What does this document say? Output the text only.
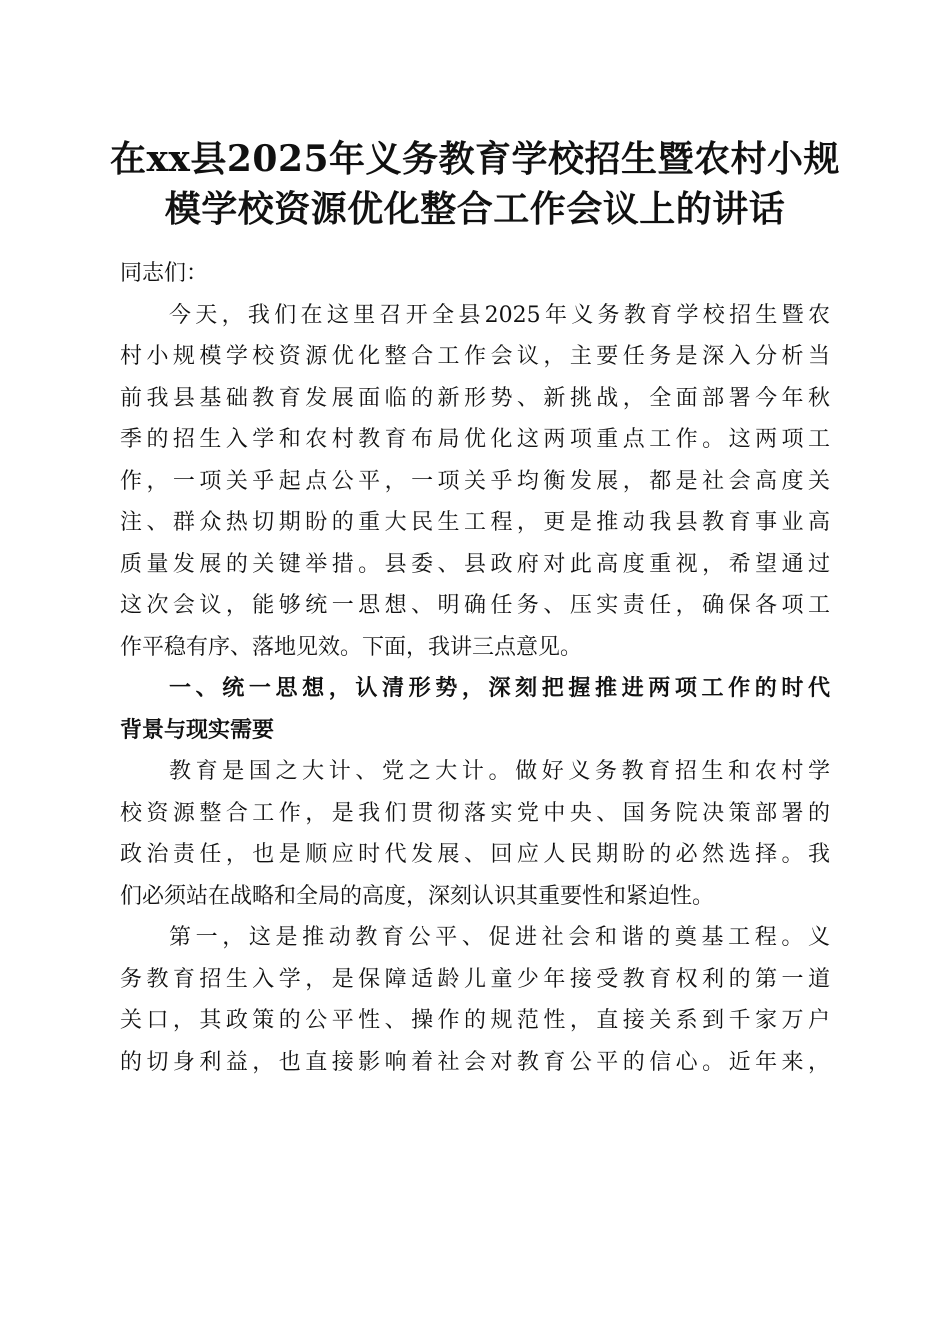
在xx县2025年义务教育学校招生暨农村小规
模学校资源优化整合工作会议上的讲话
同志们：
今天，我们在这里召开全县2025年义务教育学校招生暨农
村小规模学校资源优化整合工作会议，主要任务是深入分析当
前我县基础教育发展面临的新形势、新挑战，全面部署今年秋
季的招生入学和农村教育布局优化这两项重点工作。这两项工
作，一项关乎起点公平，一项关乎均衡发展，都是社会高度关
注、群众热切期盼的重大民生工程，更是推动我县教育事业高
质量发展的关键举措。县委、县政府对此高度重视，希望通过
这次会议，能够统一思想、明确任务、压实责任，确保各项工
作平稳有序、落地见效。下面，我讲三点意见。
一、统一思想，认清形势，深刻把握推进两项工作的时代
背景与现实需要
教育是国之大计、党之大计。做好义务教育招生和农村学
校资源整合工作，是我们贯彻落实党中央、国务院决策部署的
政治责任，也是顺应时代发展、回应人民期盼的必然选择。我
们必须站在战略和全局的高度，深刻认识其重要性和紧迫性。
第一，这是推动教育公平、促进社会和谐的奠基工程。义
务教育招生入学，是保障适龄儿童少年接受教育权利的第一道
关口，其政策的公平性、操作的规范性，直接关系到千家万户
的切身利益，也直接影响着社会对教育公平的信心。近年来，
